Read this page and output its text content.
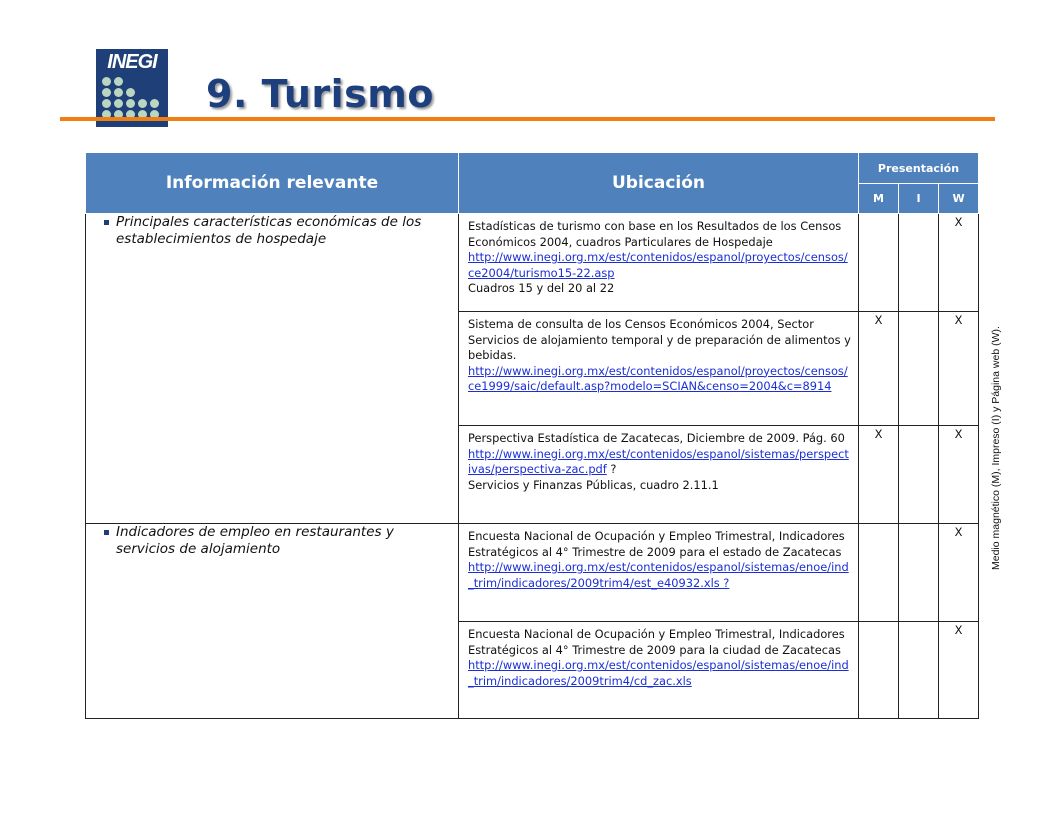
INEGI
9. Turismo
Información relevante	Ubicación	Presentación		
		M	I	W

Principales características económicas de los establecimientos de hospedaje	Estadísticas de turismo con base en los Resultados de los Censos Económicos 2004, cuadros Particulares de Hospedaje
http://www.inegi.org.mx/est/contenidos/espanol/proyectos/censos/ce2004/turismo15-22.asp
Cuadros 15 y del 20 al 22			X

	Sistema de consulta de los Censos Económicos 2004, Sector Servicios de alojamiento temporal y de preparación de alimentos y bebidas.
http://www.inegi.org.mx/est/contenidos/espanol/proyectos/censos/ce1999/saic/default.asp?modelo=SCIAN&censo=2004&c=8914	X		X

	Perspectiva Estadística de Zacatecas, Diciembre de 2009. Pág. 60
http://www.inegi.org.mx/est/contenidos/espanol/sistemas/perspectivas/perspectiva-zac.pdf ?
Servicios y Finanzas Públicas, cuadro 2.11.1	X		X

Indicadores de empleo en restaurantes y servicios de alojamiento	Encuesta Nacional de Ocupación y Empleo Trimestral, Indicadores Estratégicos al 4° Trimestre de 2009 para el estado de Zacatecas
http://www.inegi.org.mx/est/contenidos/espanol/sistemas/enoe/ind_trim/indicadores/2009trim4/est_e40932.xls ?			X

	Encuesta Nacional de Ocupación y Empleo Trimestral, Indicadores Estratégicos al 4° Trimestre de 2009 para la ciudad de Zacatecas
http://www.inegi.org.mx/est/contenidos/espanol/sistemas/enoe/ind_trim/indicadores/2009trim4/cd_zac.xls			X
Medio magnético (M), Impreso (I) y Página web (W).
